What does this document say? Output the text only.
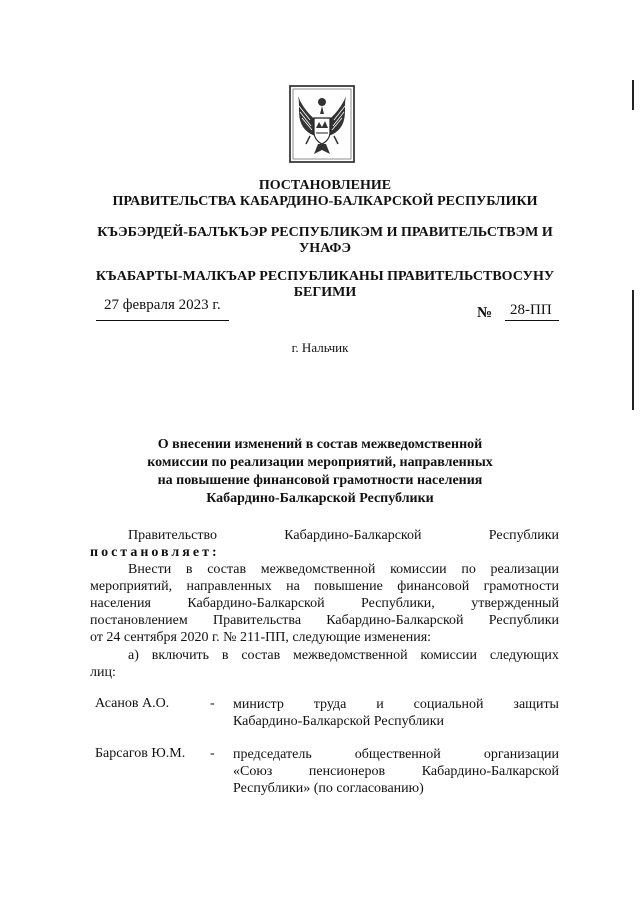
ПОСТАНОВЛЕНИЕ
ПРАВИТЕЛЬСТВА КАБАРДИНО-БАЛКАРСКОЙ РЕСПУБЛИКИ
КЪЭБЭРДЕЙ-БАЛЪКЪЭР РЕСПУБЛИКЭМ И ПРАВИТЕЛЬСТВЭМ И
УНАФЭ
КЪАБАРТЫ-МАЛКЪАР РЕСПУБЛИКАНЫ ПРАВИТЕЛЬСТВОСУНУ
БЕГИМИ
27 февраля 2023 г.	№ 28-ПП
г. Нальчик
О внесении изменений в состав межведомственной
комиссии по реализации мероприятий, направленных
на повышение финансовой грамотности населения
Кабардино-Балкарской Республики
Правительство	Кабардино-Балкарской	Республики
постановляет:
Внести в состав межведомственной комиссии по реализации
мероприятий, направленных на повышение финансовой грамотности
населения	Кабардино-Балкарской	Республики,	утвержденный
постановлением Правительства Кабардино-Балкарской Республики
от 24 сентября 2020 г. № 211-ПП, следующие изменения:
а) включить в состав межведомственной комиссии следующих
лиц:
Асанов А.О.	- министр труда и социальной защиты
Кабардино-Балкарской Республики
Барсагов Ю.М. - председатель	общественной	организации
«Союз	пенсионеров	Кабардино-Балкарской
Республики» (по согласованию)
